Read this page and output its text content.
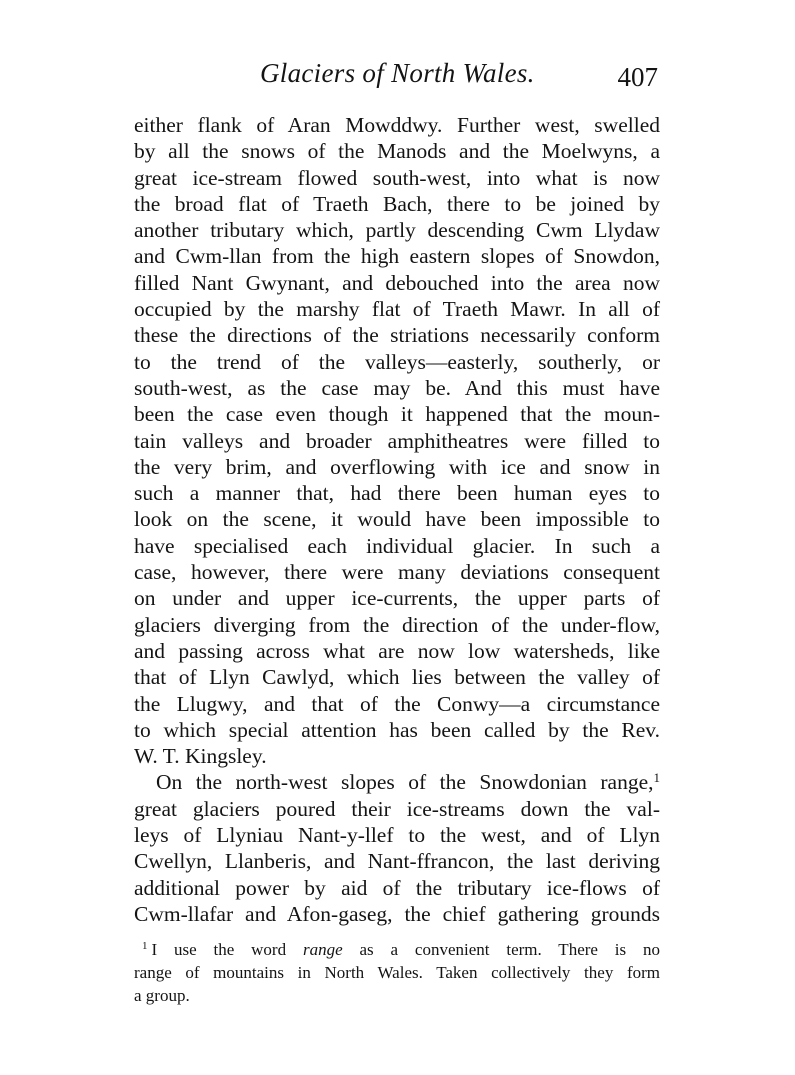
Glaciers of North Wales.	407
either flank of Aran Mowddwy. Further west, swelled
by all the snows of the Manods and the Moelwyns, a
great ice-stream flowed south-west, into what is now
the broad flat of Traeth Bach, there to be joined by
another tributary which, partly descending Cwm Llydaw
and Cwm-llan from the high eastern slopes of Snowdon,
filled Nant Gwynant, and debouched into the area now
occupied by the marshy flat of Traeth Mawr. In all of
these the directions of the striations necessarily conform
to the trend of the valleys—easterly, southerly, or
south-west, as the case may be. And this must have
been the case even though it happened that the moun-
tain valleys and broader amphitheatres were filled to
the very brim, and overflowing with ice and snow in
such a manner that, had there been human eyes to
look on the scene, it would have been impossible to
have specialised each individual glacier. In such a
case, however, there were many deviations consequent
on under and upper ice-currents, the upper parts of
glaciers diverging from the direction of the under-flow,
and passing across what are now low watersheds, like
that of Llyn Cawlyd, which lies between the valley of
the Llugwy, and that of the Conwy—a circumstance
to which special attention has been called by the Rev.
W. T. Kingsley.
On the north-west slopes of the Snowdonian range,$^1$
great glaciers poured their ice-streams down the val-
leys of Llyniau Nant-y-llef to the west, and of Llyn
Cwellyn, Llanberis, and Nant-ffrancon, the last deriving
additional power by aid of the tributary ice-flows of
Cwm-llafar and Afon-gaseg, the chief gathering grounds
$^1$ I use the word range as a convenient term. There is no
range of mountains in North Wales. Taken collectively they form
a group.
